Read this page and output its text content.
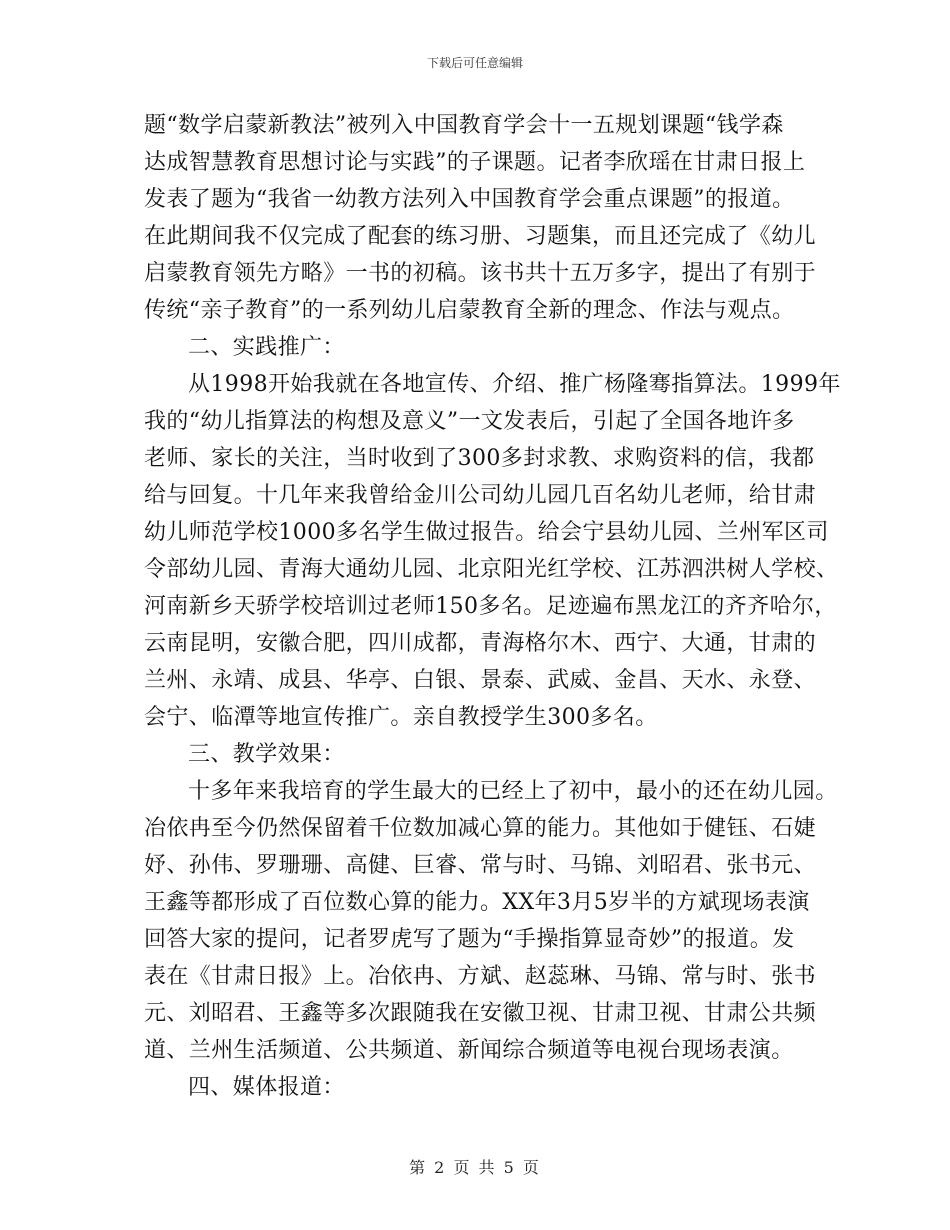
下载后可任意编辑
题“数学启蒙新教法”被列入中国教育学会十一五规划课题“钱学森
达成智慧教育思想讨论与实践”的子课题。记者李欣瑶在甘肃日报上
发表了题为“我省一幼教方法列入中国教育学会重点课题”的报道。
在此期间我不仅完成了配套的练习册、习题集，而且还完成了《幼儿
启蒙教育领先方略》一书的初稿。该书共十五万多字，提出了有别于
传统“亲子教育”的一系列幼儿启蒙教育全新的理念、作法与观点。
二、实践推广：
从1998开始我就在各地宣传、介绍、推广杨隆骞指算法。1999年
我的“幼儿指算法的构想及意义”一文发表后，引起了全国各地许多
老师、家长的关注，当时收到了300多封求教、求购资料的信，我都
给与回复。十几年来我曾给金川公司幼儿园几百名幼儿老师，给甘肃
幼儿师范学校1000多名学生做过报告。给会宁县幼儿园、兰州军区司
令部幼儿园、青海大通幼儿园、北京阳光红学校、江苏泗洪树人学校、
河南新乡天骄学校培训过老师150多名。足迹遍布黑龙江的齐齐哈尔，
云南昆明，安徽合肥，四川成都，青海格尔木、西宁、大通，甘肃的
兰州、永靖、成县、华亭、白银、景泰、武威、金昌、天水、永登、
会宁、临潭等地宣传推广。亲自教授学生300多名。
三、教学效果：
十多年来我培育的学生最大的已经上了初中，最小的还在幼儿园。
冶依冉至今仍然保留着千位数加减心算的能力。其他如于健钰、石婕
妤、孙伟、罗珊珊、高健、巨睿、常与时、马锦、刘昭君、张书元、
王鑫等都形成了百位数心算的能力。XX年3月5岁半的方斌现场表演
回答大家的提问，记者罗虎写了题为“手操指算显奇妙”的报道。发
表在《甘肃日报》上。冶依冉、方斌、赵蕊琳、马锦、常与时、张书
元、刘昭君、王鑫等多次跟随我在安徽卫视、甘肃卫视、甘肃公共频
道、兰州生活频道、公共频道、新闻综合频道等电视台现场表演。
四、媒体报道：
第 2 页 共 5 页
